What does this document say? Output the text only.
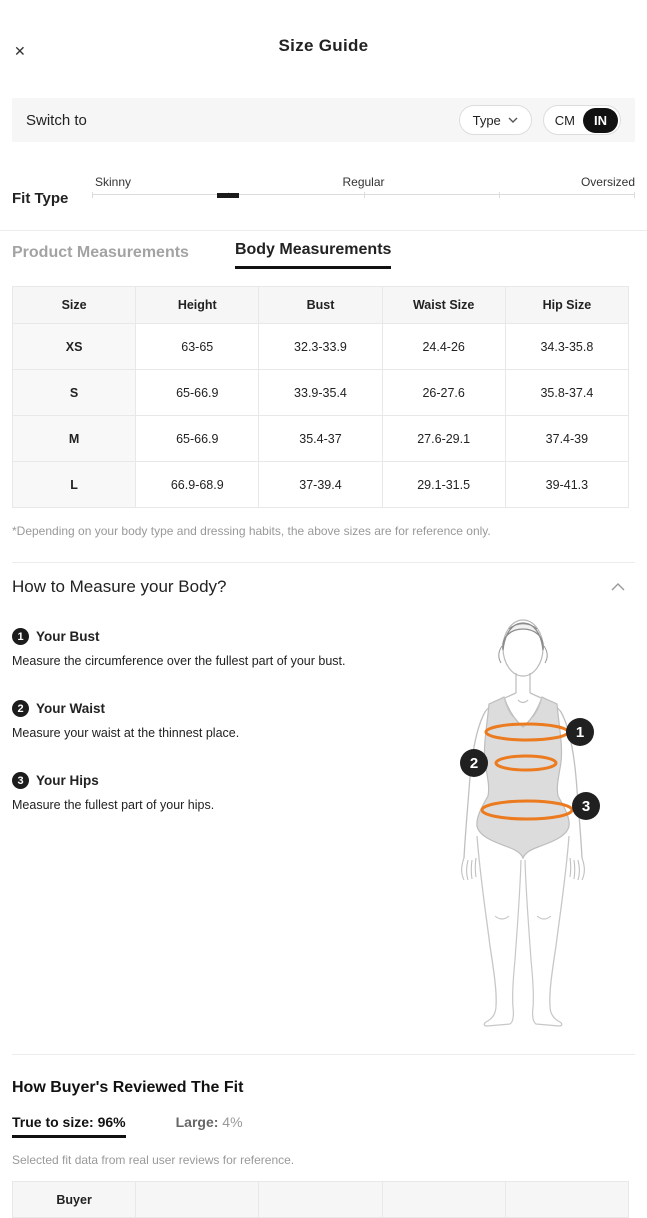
✕	Size Guide
Switch to	Type	CM	IN
Fit Type
Skinny	Regular	Oversized
Product Measurements	Body Measurements
Size	Height	Bust	Waist Size	Hip Size
XS	63-65	32.3-33.9	24.4-26	34.3-35.8
S	65-66.9	33.9-35.4	26-27.6	35.8-37.4
M	65-66.9	35.4-37	27.6-29.1	37.4-39
L	66.9-68.9	37-39.4	29.1-31.5	39-41.3
*Depending on your body type and dressing habits, the above sizes are for reference only.
How to Measure your Body?
1 Your Bust
Measure the circumference over the fullest part of your bust.
2 Your Waist
Measure your waist at the thinnest place.
3 Your Hips
Measure the fullest part of your hips.
1
2
3
How Buyer's Reviewed The Fit
True to size: 96%	Large: 4%
Selected fit data from real user reviews for reference.
Buyer				
